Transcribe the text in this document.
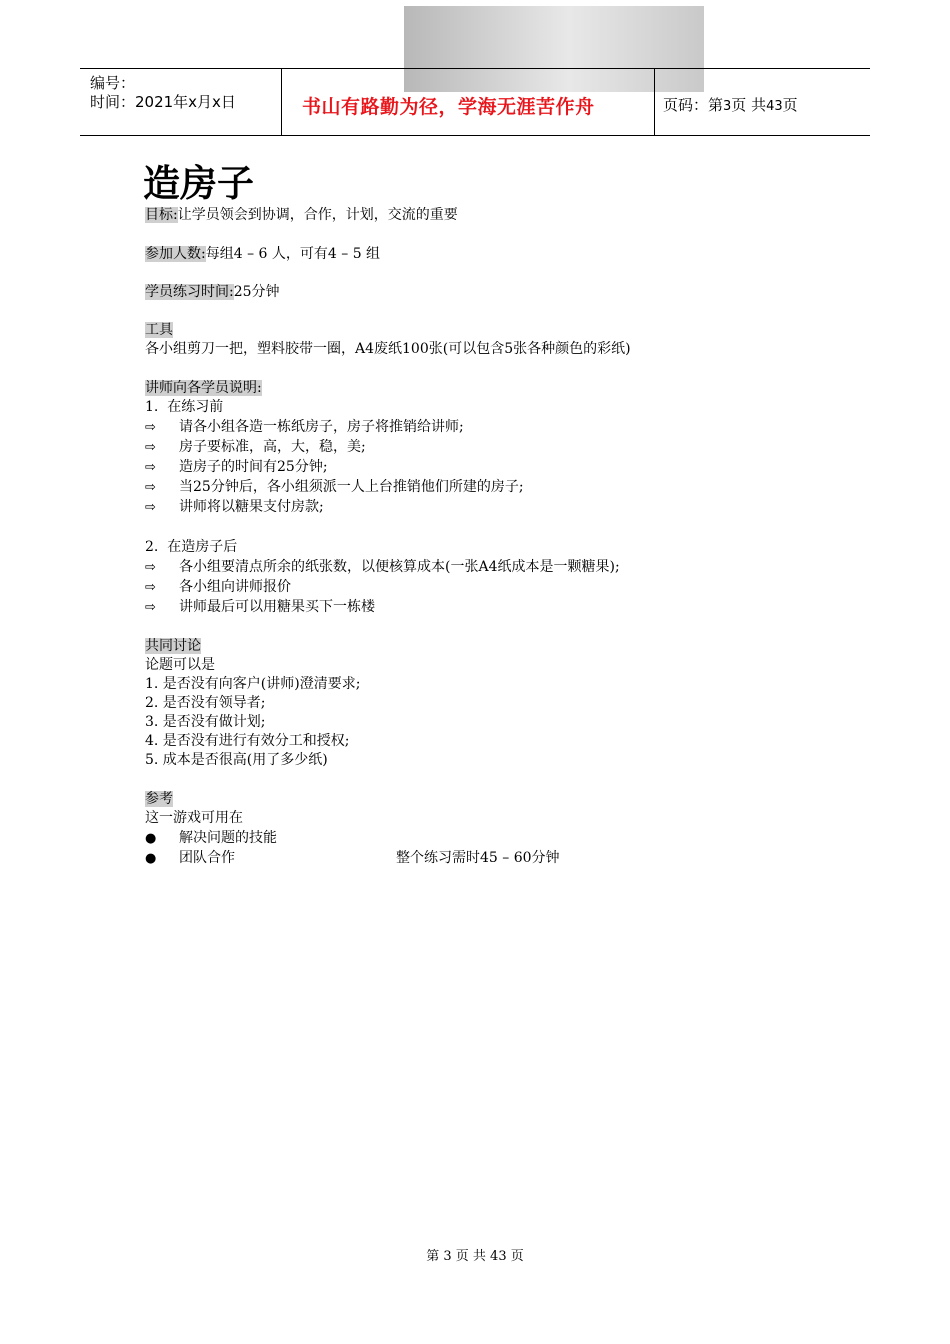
编号：
时间：2021年x月x日	书山有路勤为径，学海无涯苦作舟	页码：第3页 共43页
造房子
目标:让学员领会到协调，合作，计划，交流的重要
参加人数:每组4 – 6 人，可有4 – 5 组
学员练习时间:25分钟
工具
各小组剪刀一把，塑料胶带一圈，A4废纸100张(可以包含5张各种颜色的彩纸)
讲师向各学员说明:
1.  在练习前
⇨ 请各小组各造一栋纸房子，房子将推销给讲师;
⇨ 房子要标准，高，大，稳，美;
⇨ 造房子的时间有25分钟;
⇨ 当25分钟后，各小组须派一人上台推销他们所建的房子;
⇨ 讲师将以糖果支付房款;
2.  在造房子后
⇨ 各小组要清点所余的纸张数，以便核算成本(一张A4纸成本是一颗糖果);
⇨ 各小组向讲师报价
⇨ 讲师最后可以用糖果买下一栋楼
共同讨论
论题可以是
1. 是否没有向客户(讲师)澄清要求;
2. 是否没有领导者;
3. 是否没有做计划;
4. 是否没有进行有效分工和授权;
5. 成本是否很高(用了多少纸)
参考
这一游戏可用在
● 解决问题的技能
● 团队合作	整个练习需时45 – 60分钟
第 3 页 共 43 页
